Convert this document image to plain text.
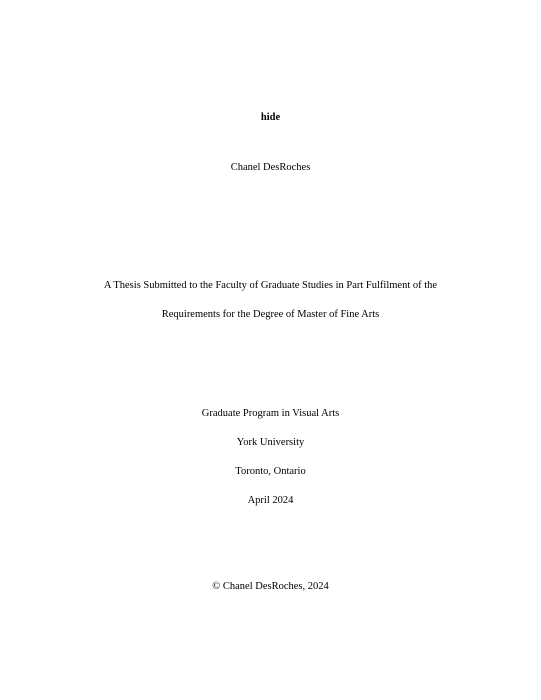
hide
Chanel DesRoches
A Thesis Submitted to the Faculty of Graduate Studies in Part Fulfilment of the
Requirements for the Degree of Master of Fine Arts
Graduate Program in Visual Arts
York University
Toronto, Ontario
April 2024
© Chanel DesRoches, 2024
